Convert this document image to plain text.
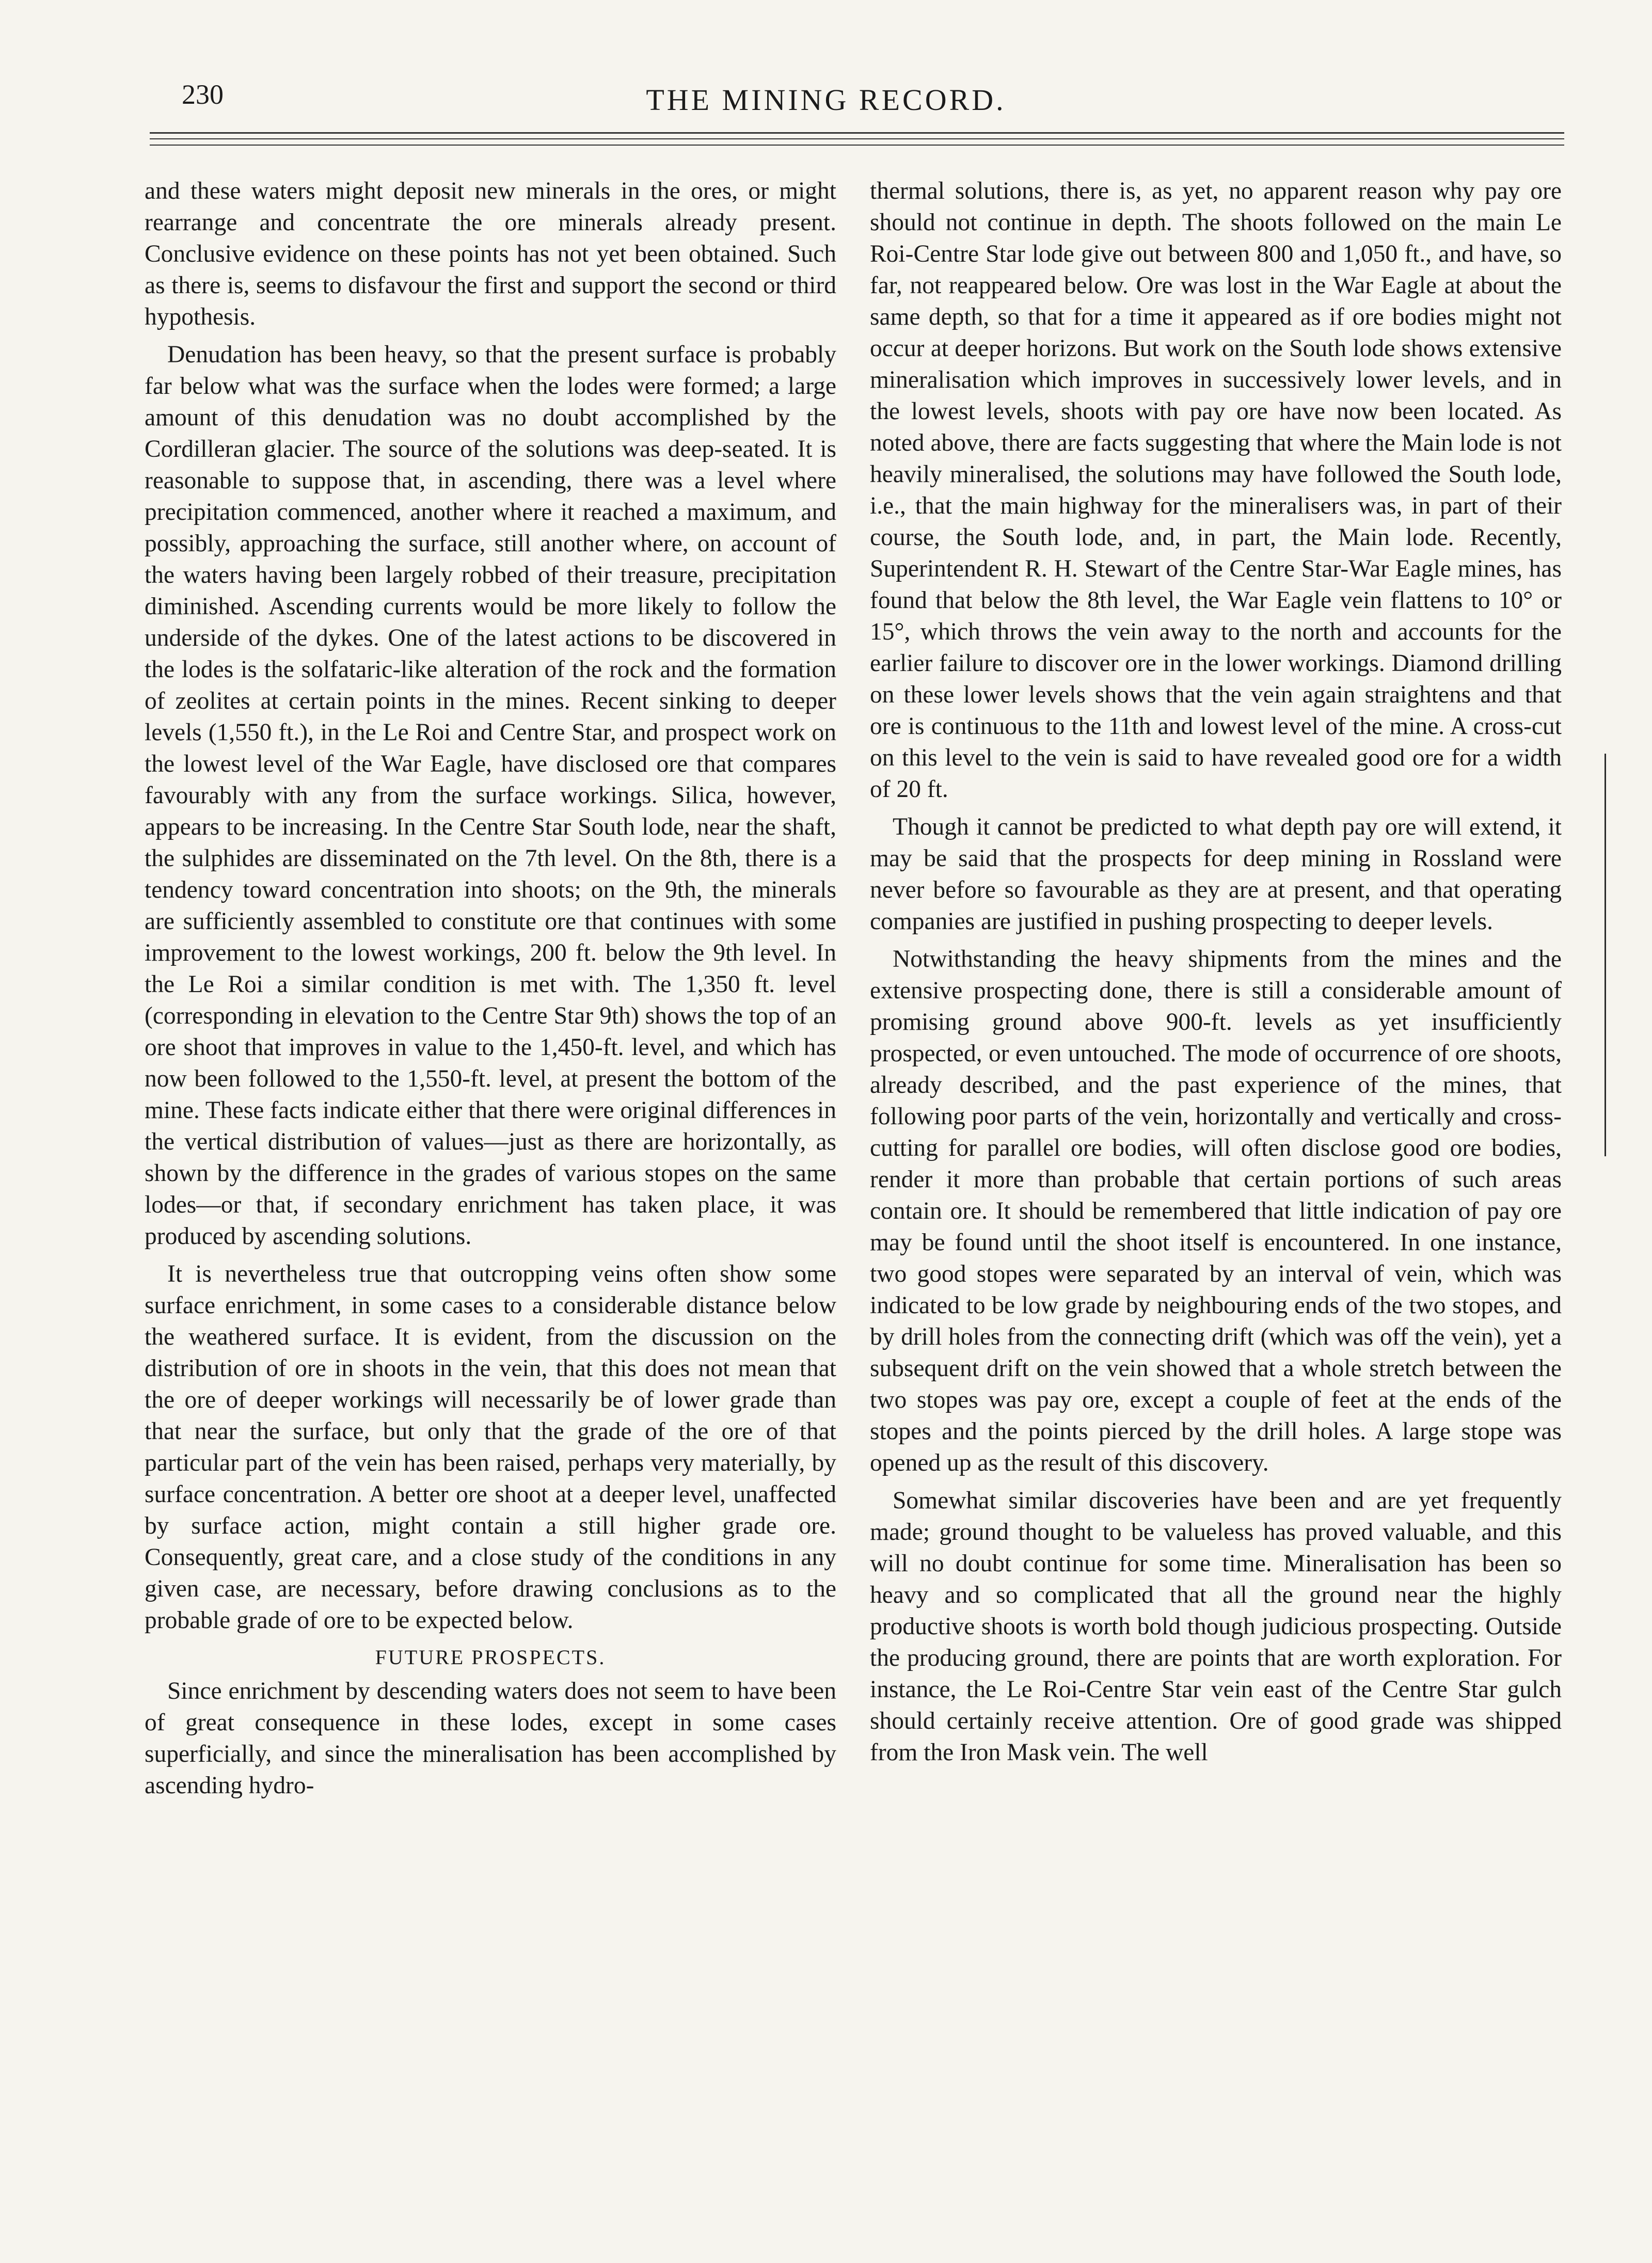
230	THE MINING RECORD.

and these waters might deposit new minerals in the ores, or might rearrange and concentrate the ore minerals already present. Conclusive evidence on these points has not yet been obtained. Such as there is, seems to disfavour the first and support the second or third hypothesis.

Denudation has been heavy, so that the present surface is probably far below what was the surface when the lodes were formed; a large amount of this denudation was no doubt accomplished by the Cordilleran glacier. The source of the solutions was deep-seated. It is reasonable to suppose that, in ascending, there was a level where precipitation commenced, another where it reached a maximum, and possibly, approaching the surface, still another where, on account of the waters having been largely robbed of their treasure, precipitation diminished. Ascending currents would be more likely to follow the underside of the dykes. One of the latest actions to be discovered in the lodes is the solfataric-like alteration of the rock and the formation of zeolites at certain points in the mines. Recent sinking to deeper levels (1,550 ft.), in the Le Roi and Centre Star, and prospect work on the lowest level of the War Eagle, have disclosed ore that compares favourably with any from the surface workings. Silica, however, appears to be increasing. In the Centre Star South lode, near the shaft, the sulphides are disseminated on the 7th level. On the 8th, there is a tendency toward concentration into shoots; on the 9th, the minerals are sufficiently assembled to constitute ore that continues with some improvement to the lowest workings, 200 ft. below the 9th level. In the Le Roi a similar condition is met with. The 1,350 ft. level (corresponding in elevation to the Centre Star 9th) shows the top of an ore shoot that improves in value to the 1,450-ft. level, and which has now been followed to the 1,550-ft. level, at present the bottom of the mine. These facts indicate either that there were original differences in the vertical distribution of values—just as there are horizontally, as shown by the difference in the grades of various stopes on the same lodes—or that, if secondary enrichment has taken place, it was produced by ascending solutions.

It is nevertheless true that outcropping veins often show some surface enrichment, in some cases to a considerable distance below the weathered surface. It is evident, from the discussion on the distribution of ore in shoots in the vein, that this does not mean that the ore of deeper workings will necessarily be of lower grade than that near the surface, but only that the grade of the ore of that particular part of the vein has been raised, perhaps very materially, by surface concentration. A better ore shoot at a deeper level, unaffected by surface action, might contain a still higher grade ore. Consequently, great care, and a close study of the conditions in any given case, are necessary, before drawing conclusions as to the probable grade of ore to be expected below.

FUTURE PROSPECTS.

Since enrichment by descending waters does not seem to have been of great consequence in these lodes, except in some cases superficially, and since the mineralisation has been accomplished by ascending hydro-

thermal solutions, there is, as yet, no apparent reason why pay ore should not continue in depth. The shoots followed on the main Le Roi-Centre Star lode give out between 800 and 1,050 ft., and have, so far, not reappeared below. Ore was lost in the War Eagle at about the same depth, so that for a time it appeared as if ore bodies might not occur at deeper horizons. But work on the South lode shows extensive mineralisation which improves in successively lower levels, and in the lowest levels, shoots with pay ore have now been located. As noted above, there are facts suggesting that where the Main lode is not heavily mineralised, the solutions may have followed the South lode, i.e., that the main highway for the mineralisers was, in part of their course, the South lode, and, in part, the Main lode. Recently, Superintendent R. H. Stewart of the Centre Star-War Eagle mines, has found that below the 8th level, the War Eagle vein flattens to 10° or 15°, which throws the vein away to the north and accounts for the earlier failure to discover ore in the lower workings. Diamond drilling on these lower levels shows that the vein again straightens and that ore is continuous to the 11th and lowest level of the mine. A cross-cut on this level to the vein is said to have revealed good ore for a width of 20 ft.

Though it cannot be predicted to what depth pay ore will extend, it may be said that the prospects for deep mining in Rossland were never before so favourable as they are at present, and that operating companies are justified in pushing prospecting to deeper levels.

Notwithstanding the heavy shipments from the mines and the extensive prospecting done, there is still a considerable amount of promising ground above 900-ft. levels as yet insufficiently prospected, or even untouched. The mode of occurrence of ore shoots, already described, and the past experience of the mines, that following poor parts of the vein, horizontally and vertically and cross-cutting for parallel ore bodies, will often disclose good ore bodies, render it more than probable that certain portions of such areas contain ore. It should be remembered that little indication of pay ore may be found until the shoot itself is encountered. In one instance, two good stopes were separated by an interval of vein, which was indicated to be low grade by neighbouring ends of the two stopes, and by drill holes from the connecting drift (which was off the vein), yet a subsequent drift on the vein showed that a whole stretch between the two stopes was pay ore, except a couple of feet at the ends of the stopes and the points pierced by the drill holes. A large stope was opened up as the result of this discovery.

Somewhat similar discoveries have been and are yet frequently made; ground thought to be valueless has proved valuable, and this will no doubt continue for some time. Mineralisation has been so heavy and so complicated that all the ground near the highly productive shoots is worth bold though judicious prospecting. Outside the producing ground, there are points that are worth exploration. For instance, the Le Roi-Centre Star vein east of the Centre Star gulch should certainly receive attention. Ore of good grade was shipped from the Iron Mask vein. The well
